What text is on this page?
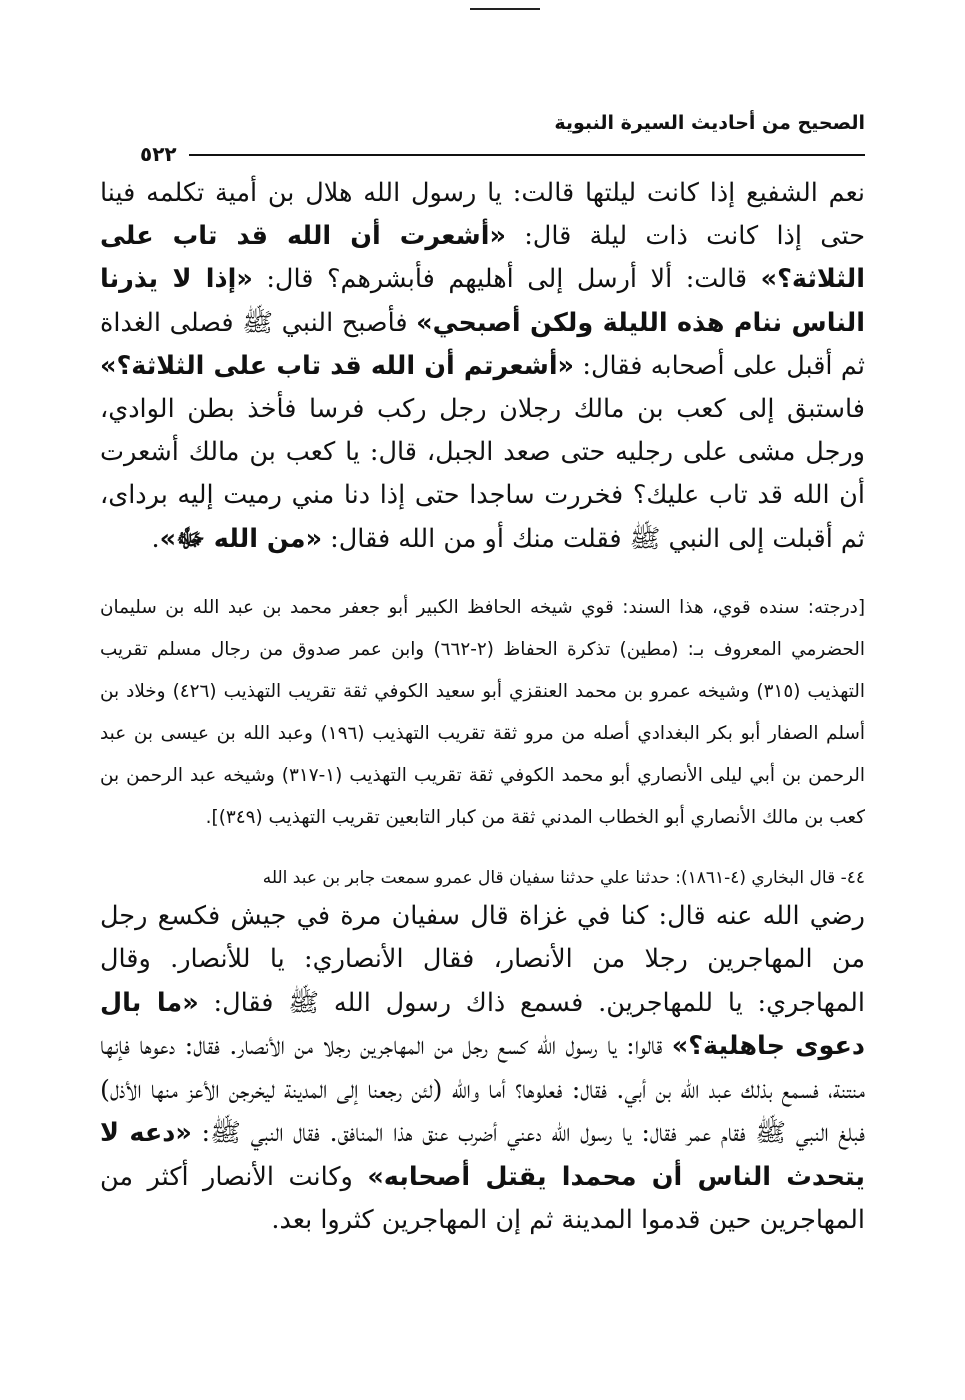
الصحيح من أحاديث السيرة النبوية
٥٢٢

نعم الشفيع إذا كانت ليلتها قالت: يا رسول الله هلال بن أمية تكلمه فينا حتى إذا كانت ذات ليلة قال: «أشعرت أن الله قد تاب على الثلاثة؟» قالت: ألا أرسل إلى أهليهم فأبشرهم؟ قال: «إذا لا يذرنا الناس ننام هذه الليلة ولكن أصبحي» فأصبح النبي ﷺ فصلى الغداة ثم أقبل على أصحابه فقال: «أشعرتم أن الله قد تاب على الثلاثة؟» فاستبق إلى كعب بن مالك رجلان رجل ركب فرسا فأخذ بطن الوادي، ورجل مشى على رجليه حتى صعد الجبل، قال: يا كعب بن مالك أشعرت أن الله قد تاب عليك؟ فخررت ساجدا حتى إذا دنا مني رميت إليه بردای، ثم أقبلت إلى النبي ﷺ فقلت منك أو من الله فقال: «من الله ﷻ».

[درجته: سنده قوي، هذا السند: قوي شيخه الحافظ الكبير أبو جعفر محمد بن عبد الله بن سليمان الحضرمي المعروف بـ: (مطين) تذكرة الحفاظ (٢-٦٦٢) وابن عمر صدوق من رجال مسلم تقريب التهذيب (٣١٥) وشيخه عمرو بن محمد العنقزي أبو سعيد الكوفي ثقة تقريب التهذيب (٤٢٦) وخلاد بن أسلم الصفار أبو بكر البغدادي أصله من مرو ثقة تقريب التهذيب (١٩٦) وعبد الله بن عيسى بن عبد الرحمن بن أبي ليلى الأنصاري أبو محمد الكوفي ثقة تقريب التهذيب (١-٣١٧) وشيخه عبد الرحمن بن كعب بن مالك الأنصاري أبو الخطاب المدني ثقة من كبار التابعين تقريب التهذيب (٣٤٩)].

٤٤- قال البخاري (٤-١٨٦١): حدثنا علي حدثنا سفيان قال عمرو سمعت جابر بن عبد الله

رضي الله عنه قال: كنا في غزاة قال سفيان مرة في جيش فكسع رجل من المهاجرين رجلا من الأنصار، فقال الأنصاري: يا للأنصار. وقال المهاجري: يا للمهاجرين. فسمع ذاك رسول الله ﷺ فقال: «ما بال دعوى جاهلية؟» قالوا: يا رسول الله كسع رجل من المهاجرين رجلا من الأنصار. فقال: دعوها فإنها منتنة، فسمع بذلك عبد الله بن أبي. فقال: فعلوها؟ أما والله (لئن رجعنا إلى المدينة ليخرجن الأعز منها الأذل) فبلغ النبي ﷺ فقام عمر فقال: يا رسول الله دعني أضرب عنق هذا المنافق. فقال النبي ﷺ: «دعه لا يتحدث الناس أن محمدا يقتل أصحابه» وكانت الأنصار أكثر من المهاجرين حين قدموا المدينة ثم إن المهاجرين كثروا بعد.
